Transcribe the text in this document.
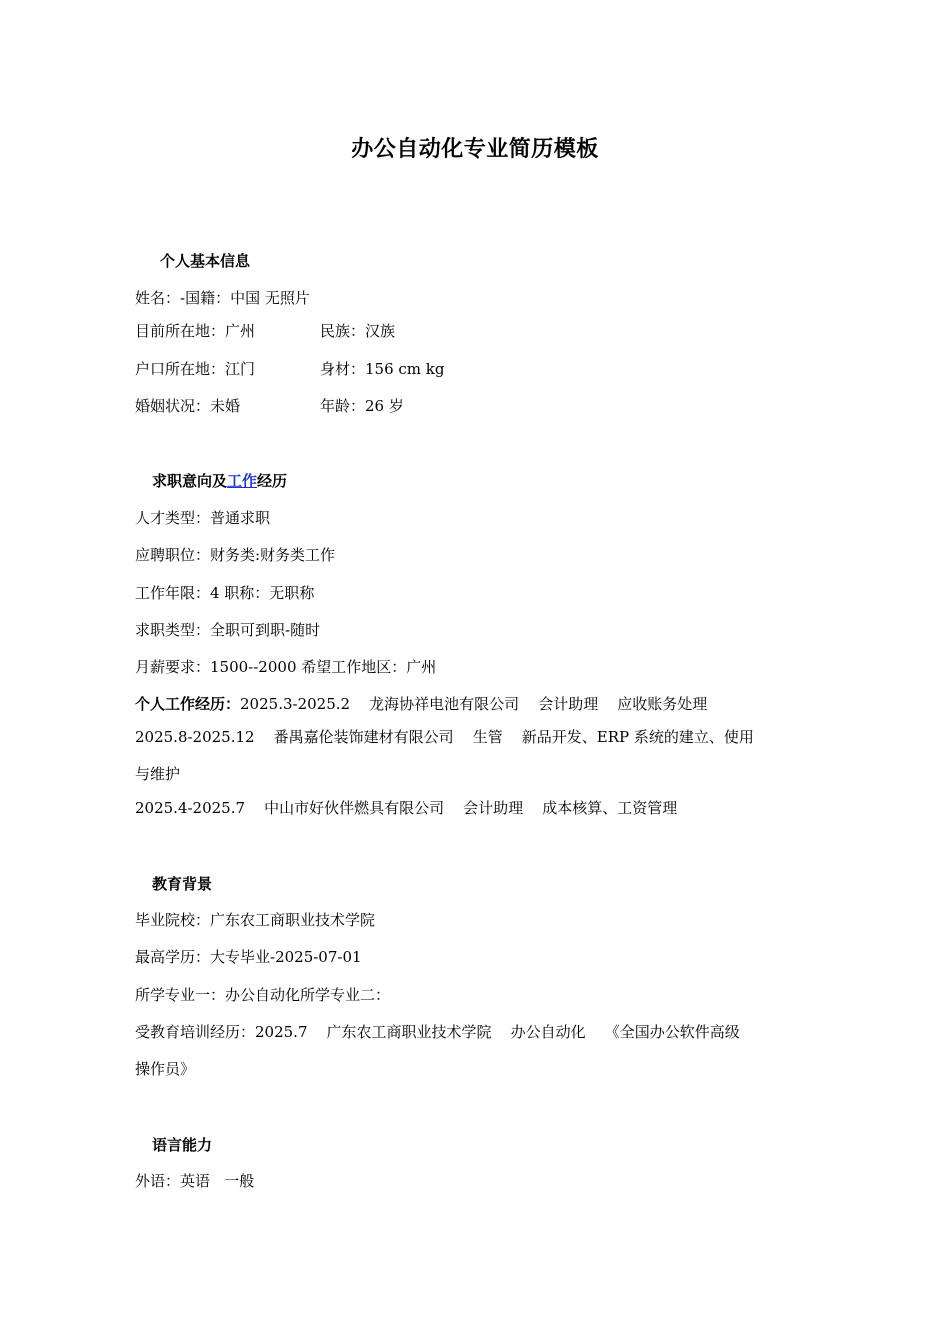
办公自动化专业简历模板
个人基本信息
姓名：-国籍：中国 无照片
目前所在地：广州	民族：汉族
户口所在地：江门	身材：156 cm kg
婚姻状况：未婚	年龄：26 岁
求职意向及工作经历
人才类型：普通求职
应聘职位：财务类:财务类工作
工作年限：4 职称：无职称
求职类型：全职可到职-随时
月薪要求：1500--2000 希望工作地区：广州
个人工作经历：2025.3-2025.2    龙海协祥电池有限公司    会计助理    应收账务处理
2025.8-2025.12    番禺嘉伦装饰建材有限公司    生管    新品开发、ERP 系统的建立、使用
与维护
2025.4-2025.7    中山市好伙伴燃具有限公司    会计助理    成本核算、工资管理
教育背景
毕业院校：广东农工商职业技术学院
最高学历：大专毕业-2025-07-01
所学专业一：办公自动化所学专业二：
受教育培训经历：2025.7    广东农工商职业技术学院    办公自动化    《全国办公软件高级
操作员》
语言能力
外语：英语   一般
